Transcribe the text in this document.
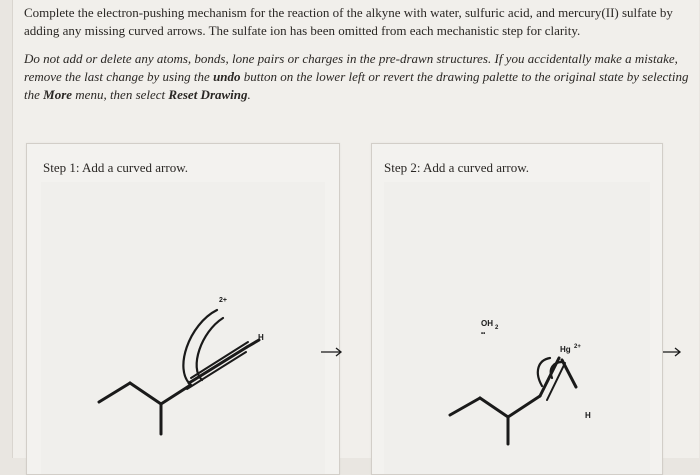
Complete the electron-pushing mechanism for the reaction of the alkyne with water, sulfuric acid, and mercury(II) sulfate by adding any missing curved arrows. The sulfate ion has been omitted from each mechanistic step for clarity.
Do not add or delete any atoms, bonds, lone pairs or charges in the pre-drawn structures. If you accidentally make a mistake, remove the last change by using the undo button on the lower left or revert the drawing palette to the original state by selecting the More menu, then select Reset Drawing.
Step 1: Add a curved arrow.
2+
H
Step 2: Add a curved arrow.
Hg 2+
H
OH 2
••
